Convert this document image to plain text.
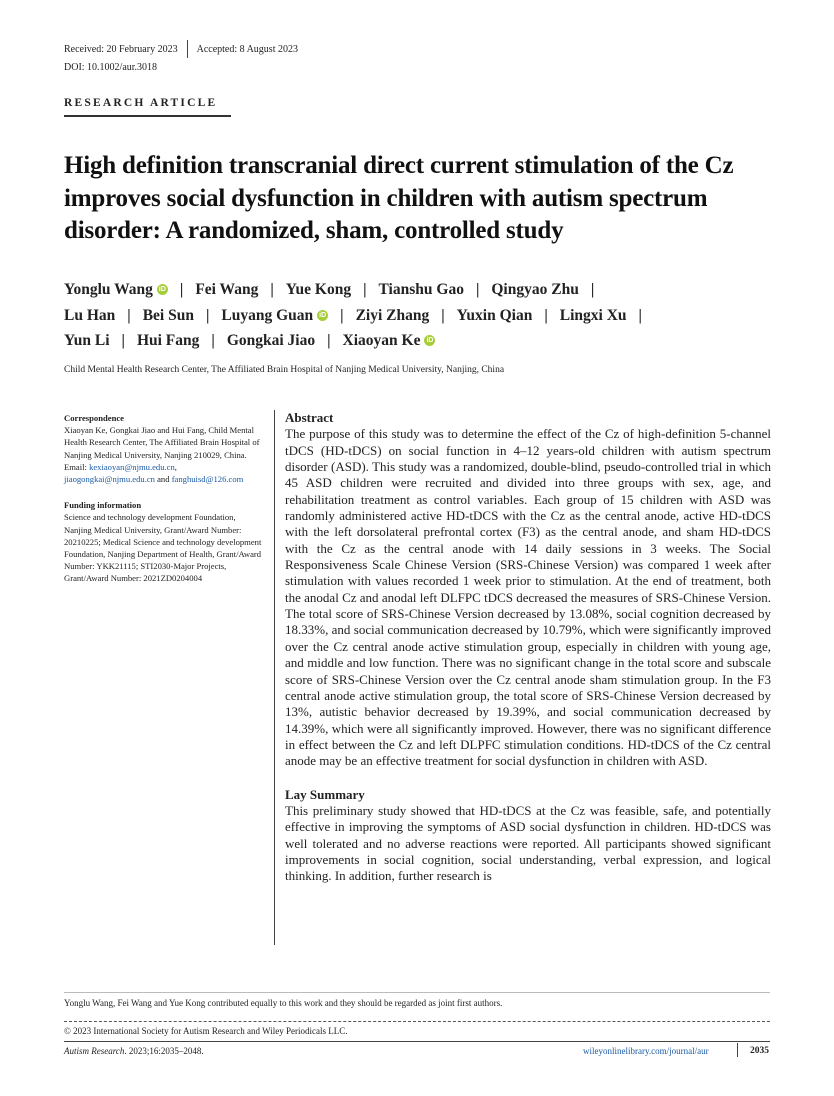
Received: 20 February 2023 Accepted: 8 August 2023
DOI: 10.1002/aur.3018
RESEARCH ARTICLE
High definition transcranial direct current stimulation of the Cz improves social dysfunction in children with autism spectrum disorder: A randomized, sham, controlled study
Yonglu Wang iD | Fei Wang | Yue Kong | Tianshu Gao | Qingyao Zhu |
Lu Han | Bei Sun | Luyang Guan iD | Ziyi Zhang | Yuxin Qian | Lingxi Xu |
Yun Li | Hui Fang | Gongkai Jiao | Xiaoyan Ke iD
Child Mental Health Research Center, The Affiliated Brain Hospital of Nanjing Medical University, Nanjing, China
Correspondence

Xiaoyan Ke, Gongkai Jiao and Hui Fang, Child Mental Health Research Center, The Affiliated Brain Hospital of Nanjing Medical University, Nanjing 210029, China. Email: kexiaoyan@njmu.edu.cn, jiaogongkai@njmu.edu.cn and fanghuisd@126.com

Funding information

Science and technology development Foundation, Nanjing Medical University, Grant/Award Number: 20210225; Medical Science and technology development Foundation, Nanjing Department of Health, Grant/Award Number: YKK21115; STI2030-Major Projects, Grant/Award Number: 2021ZD0204004

Abstract

The purpose of this study was to determine the effect of the Cz of high-definition 5-channel tDCS (HD-tDCS) on social function in 4–12 years-old children with autism spectrum disorder (ASD). This study was a randomized, double-blind, pseudo-controlled trial in which 45 ASD children were recruited and divided into three groups with sex, age, and rehabilitation treatment as control variables. Each group of 15 children with ASD was randomly administered active HD-tDCS with the Cz as the central anode, active HD-tDCS with the left dorsolateral prefrontal cortex (F3) as the central anode, and sham HD-tDCS with the Cz as the central anode with 14 daily sessions in 3 weeks. The Social Responsiveness Scale Chinese Version (SRS-Chinese Version) was compared 1 week after stimulation with values recorded 1 week prior to stimulation. At the end of treatment, both the anodal Cz and anodal left DLFPC tDCS decreased the measures of SRS-Chinese Version. The total score of SRS-Chinese Version decreased by 13.08%, social cognition decreased by 18.33%, and social communication decreased by 10.79%, which were significantly improved over the Cz central anode active stimulation group, especially in children with young age, and middle and low function. There was no significant change in the total score and subscale score of SRS-Chinese Version over the Cz central anode sham stimulation group. In the F3 central anode active stimulation group, the total score of SRS-Chinese Version decreased by 13%, autistic behavior decreased by 19.39%, and social communication decreased by 14.39%, which were all significantly improved. However, there was no significant difference in effect between the Cz and left DLPFC stimulation conditions. HD-tDCS of the Cz central anode may be an effective treatment for social dysfunction in children with ASD.

Lay Summary

This preliminary study showed that HD-tDCS at the Cz was feasible, safe, and potentially effective in improving the symptoms of ASD social dysfunction in children. HD-tDCS was well tolerated and no adverse reactions were reported. All participants showed significant improvements in social cognition, social understanding, verbal expression, and logical thinking. In addition, further research is

Yonglu Wang, Fei Wang and Yue Kong contributed equally to this work and they should be regarded as joint first authors.
© 2023 International Society for Autism Research and Wiley Periodicals LLC.
Autism Research. 2023;16:2035–2048.	wileyonlinelibrary.com/journal/aur	2035
